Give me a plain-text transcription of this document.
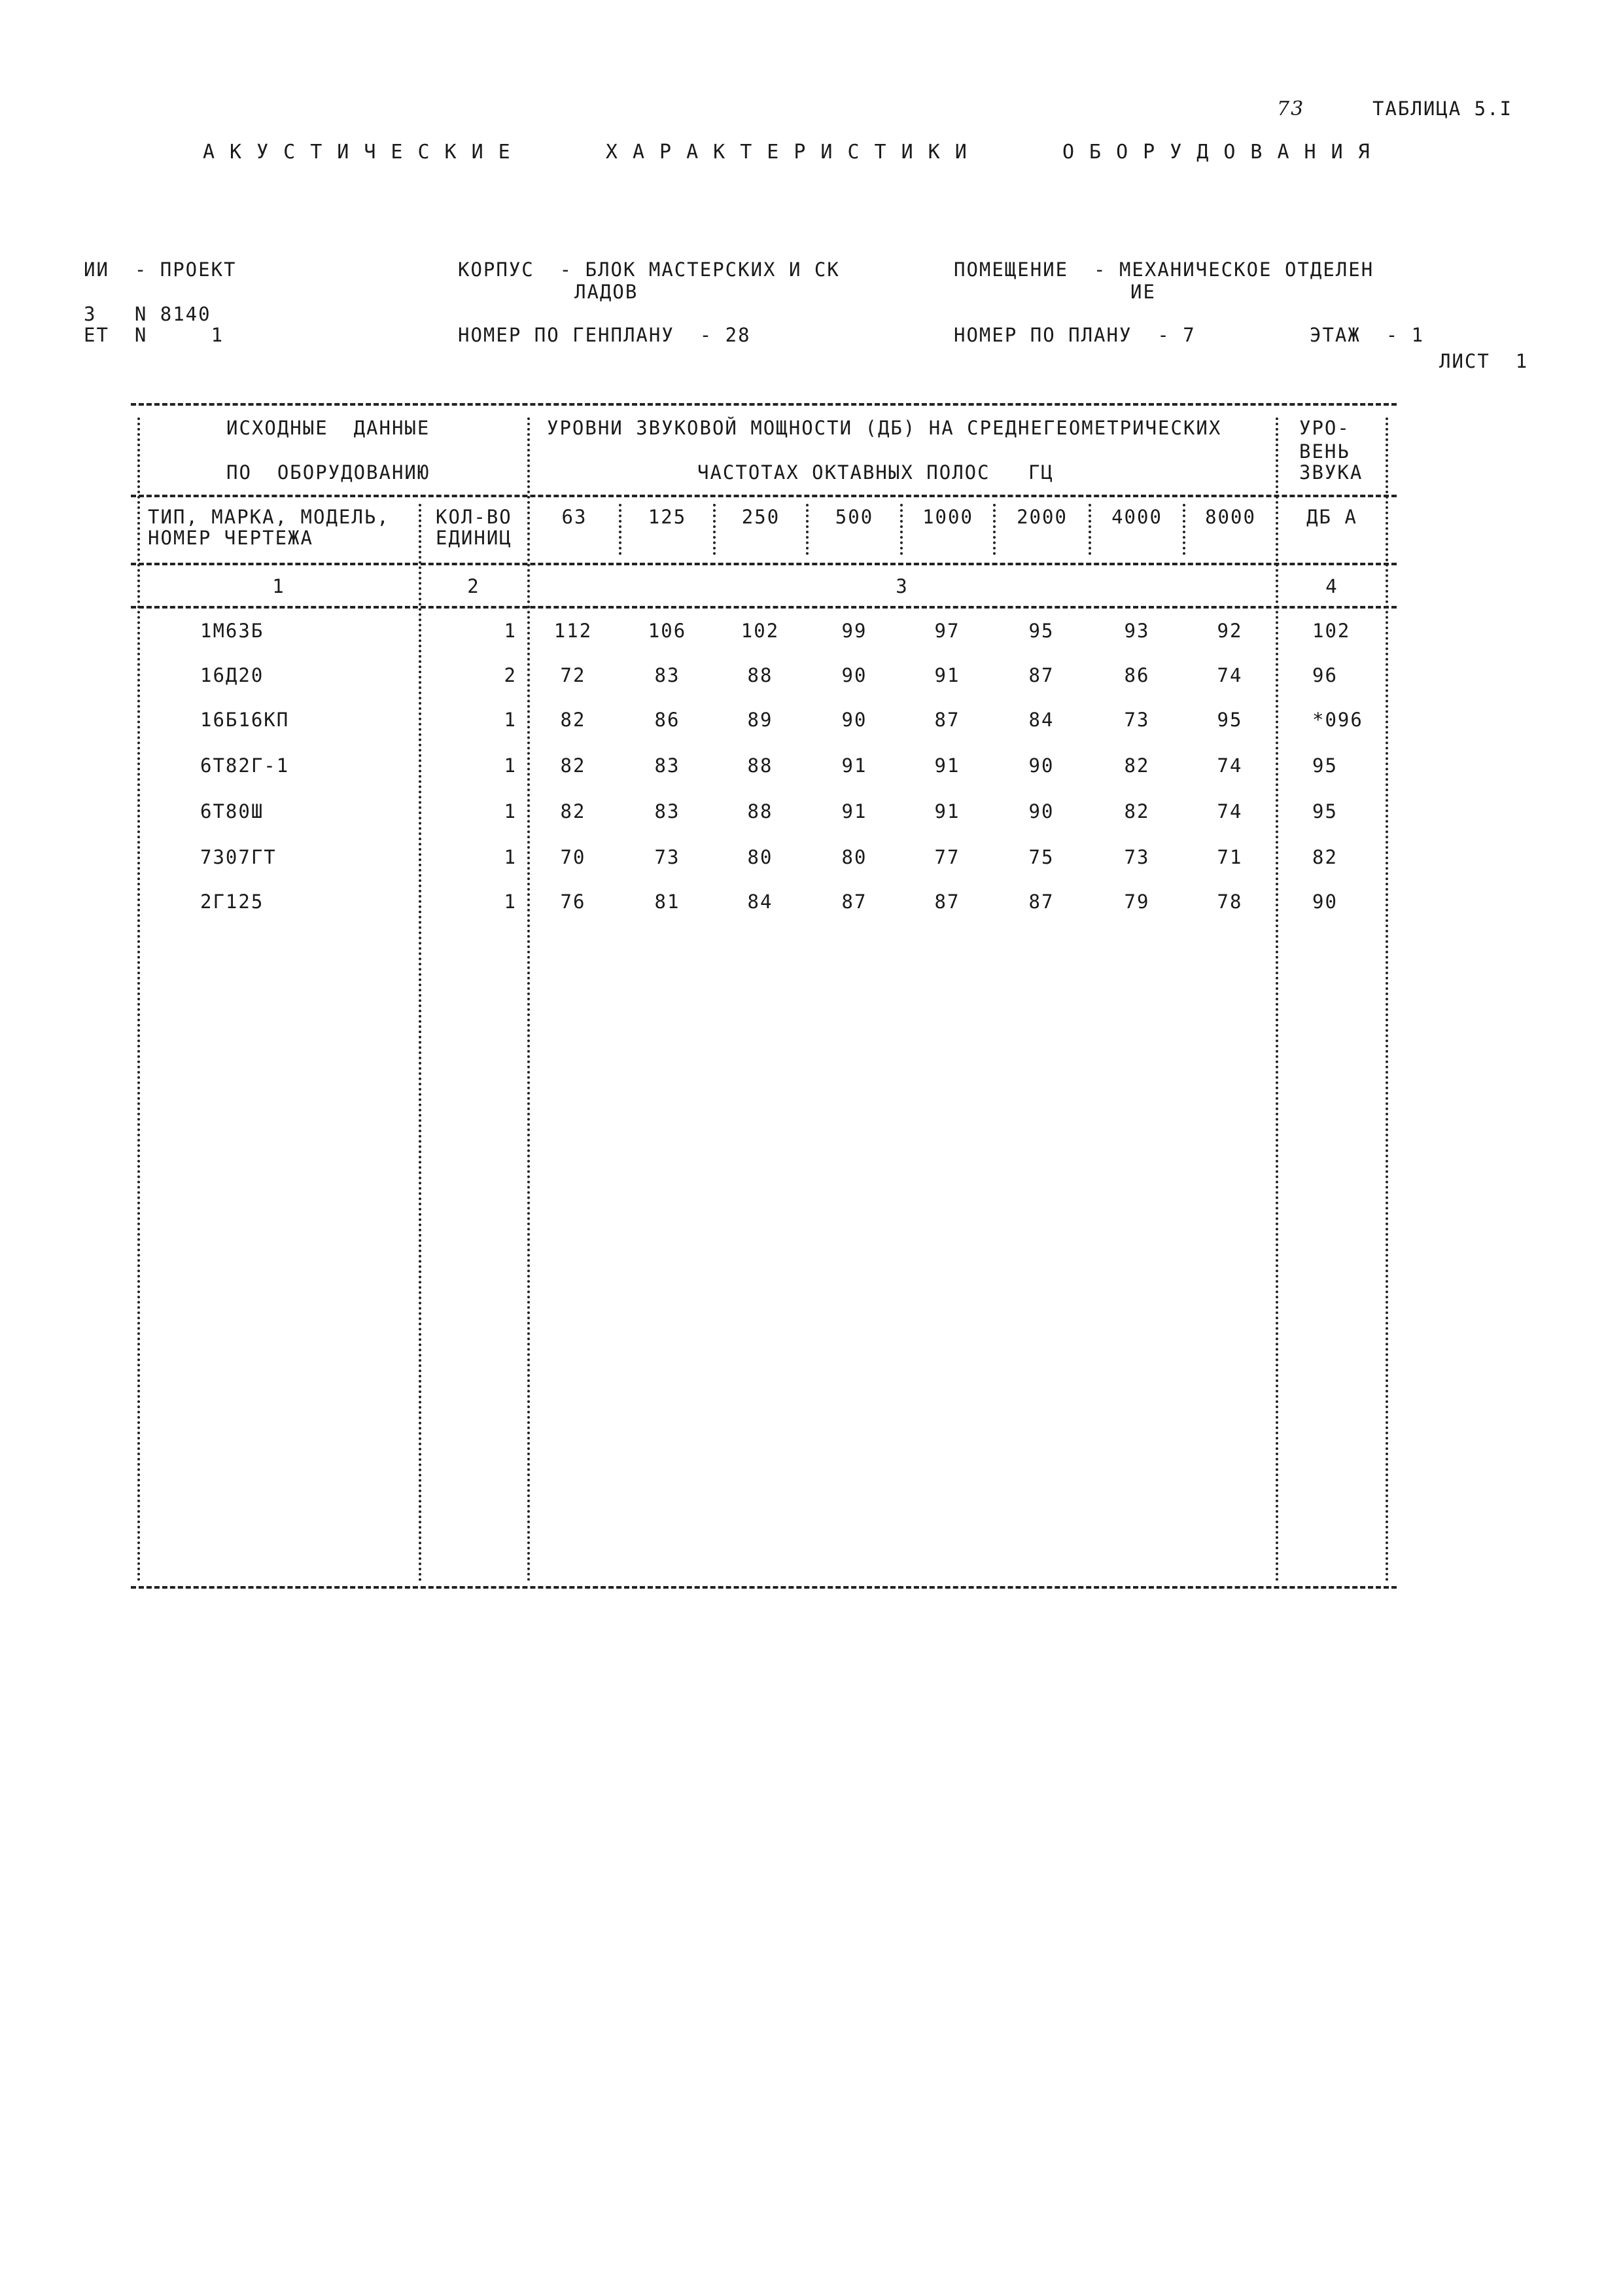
73	ТАБЛИЦА 5.I
АКУСТИЧЕСКИЕ   ХАРАКТЕРИСТИКИ   ОБОРУДОВАНИЯ
ИИ  - ПРОЕКТ
3   N 8140
ЕТ  N     1
КОРПУС  - БЛОК МАСТЕРСКИХ И СК
ЛАДОВ
НОМЕР ПО ГЕНПЛАНУ  - 28
ПОМЕЩЕНИЕ  - МЕХАНИЧЕСКОЕ ОТДЕЛЕН
ИЕ
НОМЕР ПО ПЛАНУ  - 7	ЭТАЖ  - 1
ЛИСТ  1
ИСХОДНЫЕ  ДАННЫЕ
ПО  ОБОРУДОВАНИЮ
УРОВНИ ЗВУКОВОЙ МОЩНОСТИ (ДБ) НА СРЕДНЕГЕОМЕТРИЧЕСКИХ
ЧАСТОТАХ ОКТАВНЫХ ПОЛОС   ГЦ
УРО-
ВЕНЬ
ЗВУКА
ТИП, МАРКА, МОДЕЛЬ,
НОМЕР ЧЕРТЕЖА
КОЛ-ВО
ЕДИНИЦ
63	125	250	500	1000	2000	4000	8000	ДБ А
1	2	3	4
1М63Б	1	112	106	102	99	97	95	93	92	102
16Д20	2	72	83	88	90	91	87	86	74	96
16Б16КП	1	82	86	89	90	87	84	73	95	*096
6Т82Г-1	1	82	83	88	91	91	90	82	74	95
6Т80Ш	1	82	83	88	91	91	90	82	74	95
7307ГТ	1	70	73	80	80	77	75	73	71	82
2Г125	1	76	81	84	87	87	87	79	78	90
